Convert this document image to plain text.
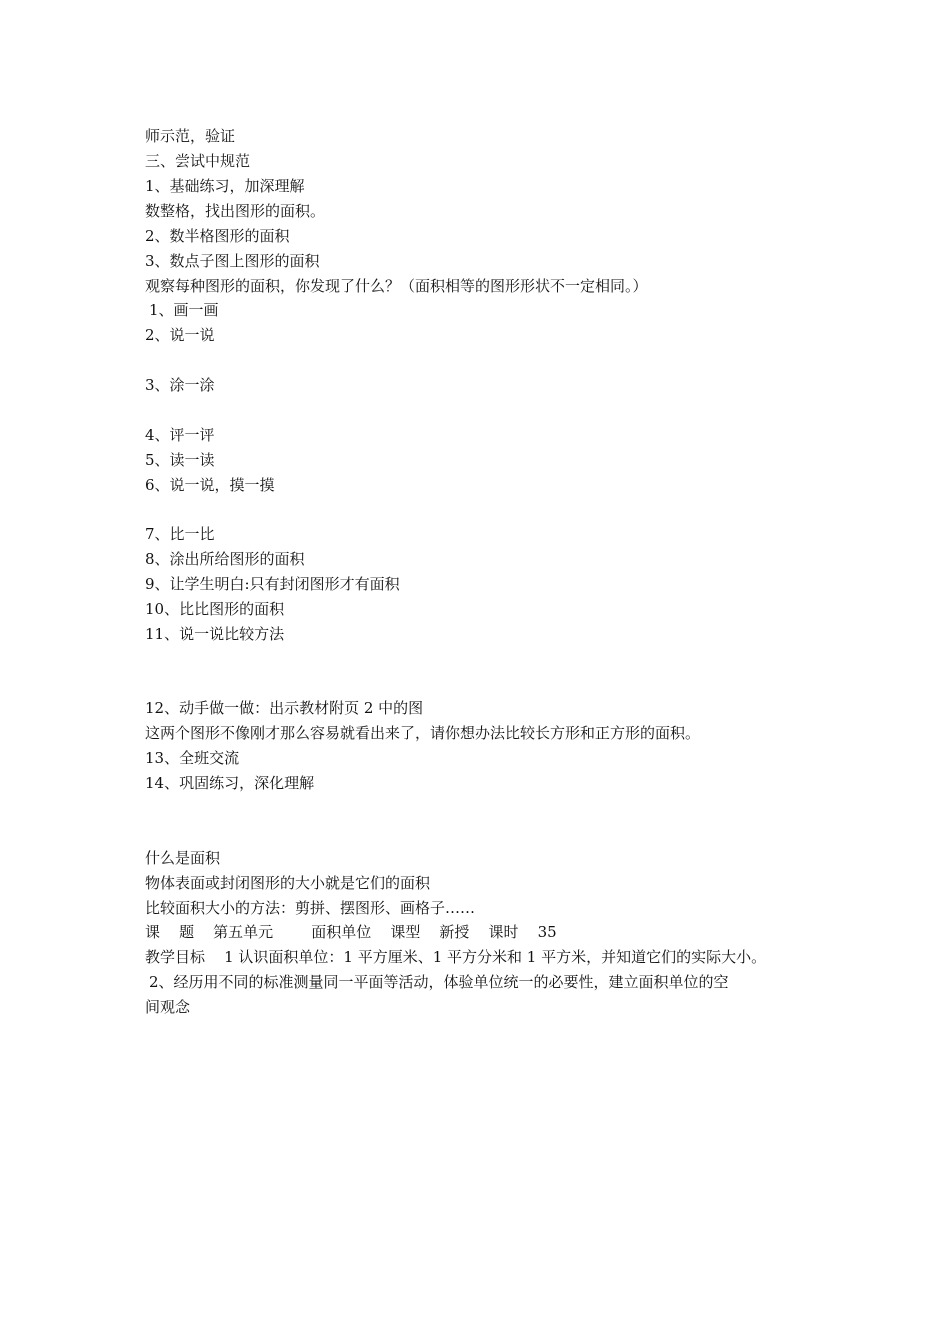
师示范，验证
三、尝试中规范
1、基础练习，加深理解
数整格，找出图形的面积。
2、数半格图形的面积
3、数点子图上图形的面积
观察每种图形的面积，你发现了什么？（面积相等的图形形状不一定相同。）
1、画一画
2、说一说
3、涂一涂
4、评一评
5、读一读
6、说一说，摸一摸
7、比一比
8、涂出所给图形的面积
9、让学生明白:只有封闭图形才有面积
10、比比图形的面积
11、说一说比较方法
12、动手做一做：出示教材附页 2 中的图
这两个图形不像刚才那么容易就看出来了，请你想办法比较长方形和正方形的面积。
13、全班交流
14、巩固练习，深化理解
什么是面积
物体表面或封闭图形的大小就是它们的面积
比较面积大小的方法：剪拼、摆图形、画格子……
课    题    第五单元        面积单位    课型    新授    课时    35
教学目标    1 认识面积单位：1 平方厘米、1 平方分米和 1 平方米，并知道它们的实际大小。
2、经历用不同的标准测量同一平面等活动，体验单位统一的必要性，建立面积单位的空
间观念
